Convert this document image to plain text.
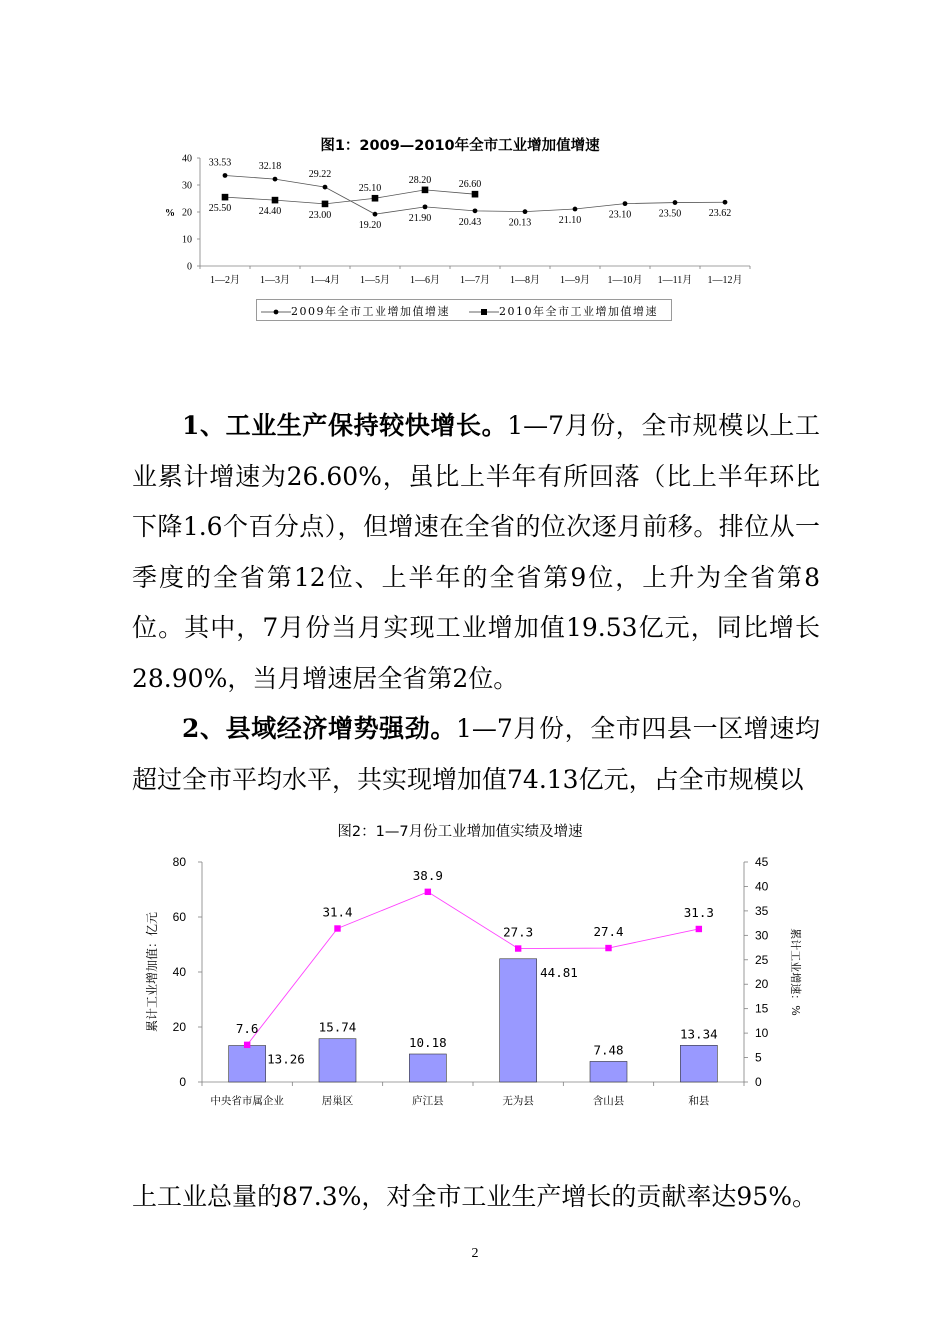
图1：2009—2010年全市工业增加值增速
0
10
20
30
40
1—2月 1—3月 1—4月 1—5月 1—6月 1—7月 1—8月 1—9月 1—10月 1—11月 1—12月
%
33.53	32.18
29.22
19.20
21.90	20.43	20.13	21.10	23.10	23.50	23.62
25.50	24.40	23.00
25.10
28.20	26.60
2009年全市工业增加值增速	2010年全市工业增加值增速
1、工业生产保持较快增长。1—7月份，全市规模以上工业累计增速为26.60%，虽比上半年有所回落（比上半年环比下降1.6个百分点），但增速在全省的位次逐月前移。排位从一季度的全省第12位、上半年的全省第9位，上升为全省第8位。其中，7月份当月实现工业增加值19.53亿元，同比增长28.90%，当月增速居全省第2位。
2、县域经济增势强劲。1—7月份，全市四县一区增速均超过全市平均水平，共实现增加值74.13亿元，占全市规模以
图2：1—7月份工业增加值实绩及增速
0
20
40
60
80
0
5
10
15
20
25
30
35
40
45
累计工业增加值：亿元	累计工业增速：%
13.26
15.74
10.18
44.81
7.48
13.34
7.6
31.4
38.9
27.3	27.4
31.3
中央省市属企业	居巢区	庐江县	无为县	含山县	和县
上工业总量的87.3%，对全市工业生产增长的贡献率达95%。
2
